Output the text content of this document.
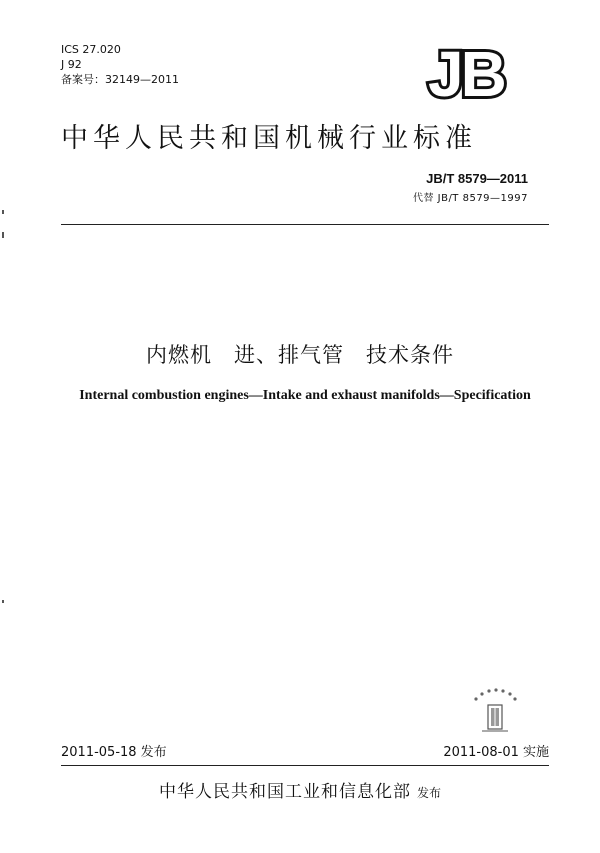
ICS 27.020
J 92
备案号：32149—2011	JB
中华人民共和国机械行业标准
JB/T 8579—2011
代替 JB/T 8579—1997
内燃机　进、排气管　技术条件
Internal combustion engines—Intake and exhaust manifolds—Specification
2011-05-18 发布	2011-08-01 实施
中华人民共和国工业和信息化部 发布
